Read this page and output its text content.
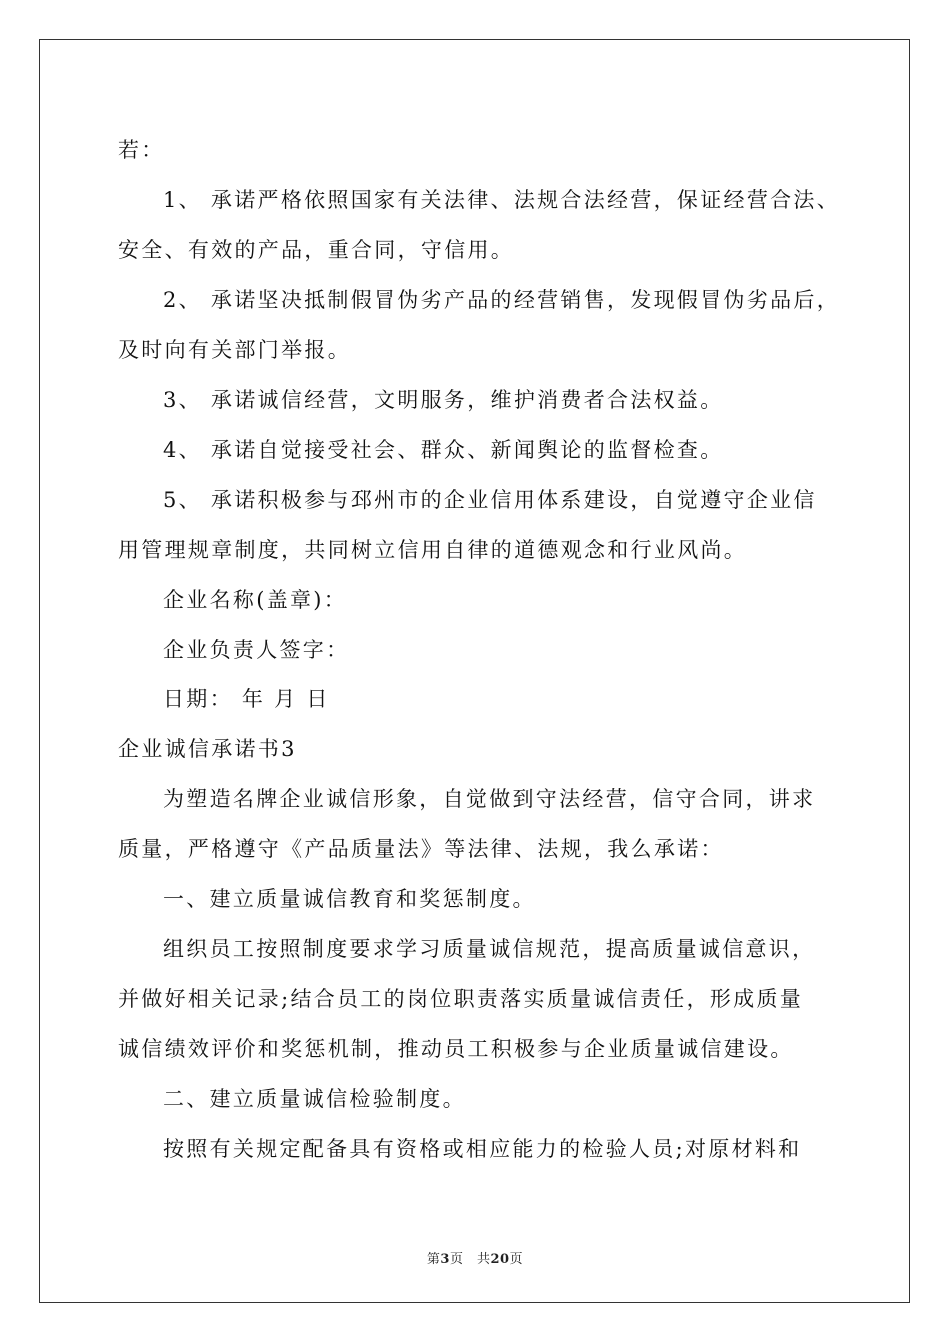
若：
1、 承诺严格依照国家有关法律、法规合法经营，保证经营合法、
安全、有效的产品，重合同，守信用。
2、 承诺坚决抵制假冒伪劣产品的经营销售，发现假冒伪劣品后，
及时向有关部门举报。
3、 承诺诚信经营，文明服务，维护消费者合法权益。
4、 承诺自觉接受社会、群众、新闻舆论的监督检查。
5、 承诺积极参与邳州市的企业信用体系建设，自觉遵守企业信
用管理规章制度，共同树立信用自律的道德观念和行业风尚。
企业名称(盖章)：
企业负责人签字：
日期： 年 月 日
企业诚信承诺书3
为塑造名牌企业诚信形象，自觉做到守法经营，信守合同，讲求
质量，严格遵守《产品质量法》等法律、法规，我么承诺：
一、建立质量诚信教育和奖惩制度。
组织员工按照制度要求学习质量诚信规范，提高质量诚信意识，
并做好相关记录;结合员工的岗位职责落实质量诚信责任，形成质量
诚信绩效评价和奖惩机制，推动员工积极参与企业质量诚信建设。
二、建立质量诚信检验制度。
按照有关规定配备具有资格或相应能力的检验人员;对原材料和
第3页　共20页
